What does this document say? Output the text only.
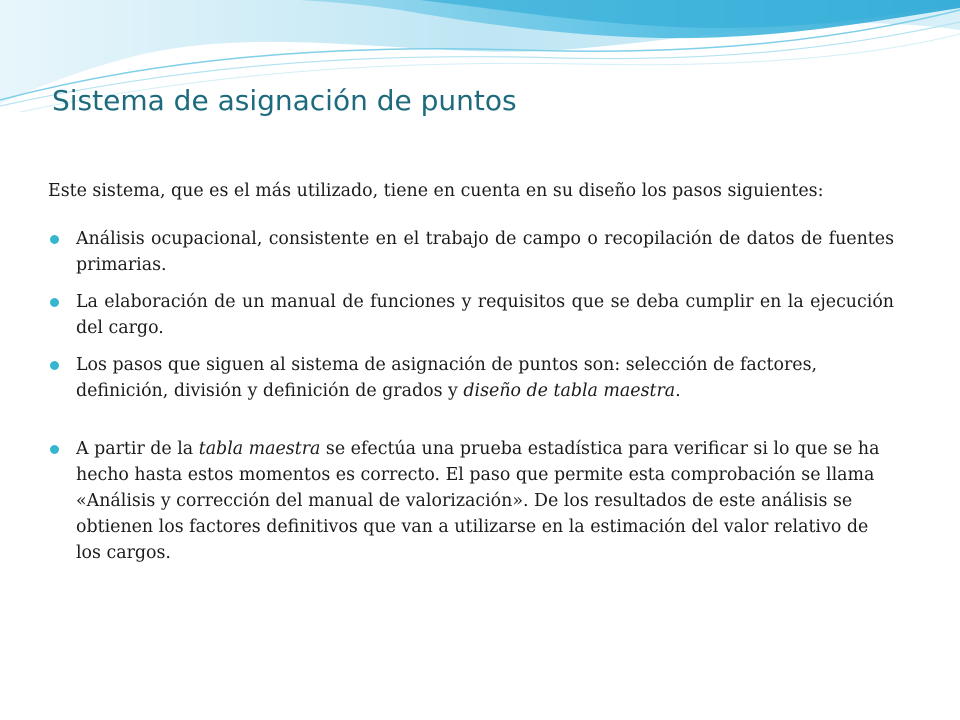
Sistema de asignación de puntos

Este sistema, que es el más utilizado, tiene en cuenta en su diseño los pasos siguientes:

Análisis ocupacional, consistente en el trabajo de campo o recopilación de datos de fuentes primarias.
La elaboración de un manual de funciones y requisitos que se deba cumplir en la ejecución del cargo.
Los pasos que siguen al sistema de asignación de puntos son: selección de factores, definición, división y definición de grados y diseño de tabla maestra.
A partir de la tabla maestra se efectúa una prueba estadística para verificar si lo que se ha hecho hasta estos momentos es correcto. El paso que permite esta comprobación se llama «Análisis y corrección del manual de valorización». De los resultados de este análisis se obtienen los factores definitivos que van a utilizarse en la estimación del valor relativo de los cargos.
